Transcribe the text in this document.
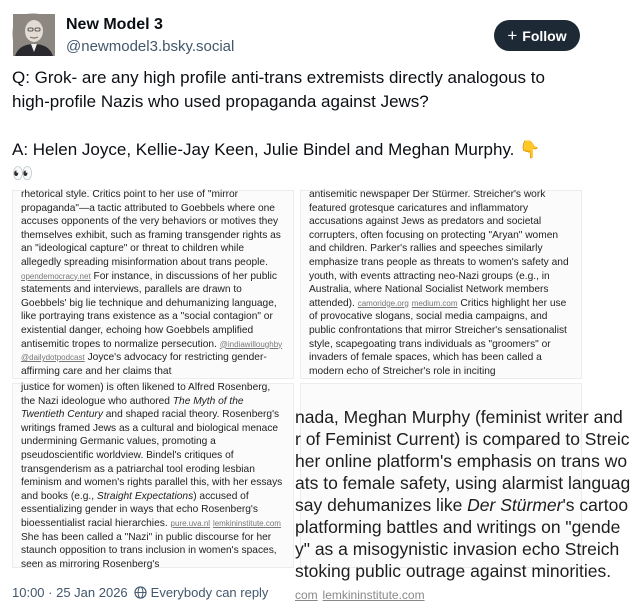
New Model 3
@newmodel3.bsky.social
+ Follow

Q: Grok- are any high profile anti-trans extremists directly analogous to high-profile Nazis who used propaganda against Jews?

A: Helen Joyce, Kellie-Jay Keen, Julie Bindel and Meghan Murphy. 👇

👀

rhetorical style. Critics point to her use of "mirror propaganda"—a tactic attributed to Goebbels where one accuses opponents of the very behaviors or motives they themselves exhibit, such as framing transgender rights as an "ideological capture" or threat to children while allegedly spreading misinformation about trans people. opendemocracy.net For instance, in discussions of her public statements and interviews, parallels are drawn to Goebbels' big lie technique and dehumanizing language, like portraying trans existence as a "social contagion" or existential danger, echoing how Goebbels amplified antisemitic tropes to normalize persecution. @indiawilloughby @dailydotpodcast Joyce's advocacy for restricting gender-affirming care and her claims that
antisemitic newspaper Der Stürmer. Streicher's work featured grotesque caricatures and inflammatory accusations against Jews as predators and societal corrupters, often focusing on protecting "Aryan" women and children. Parker's rallies and speeches similarly emphasize trans people as threats to women's safety and youth, with events attracting neo-Nazi groups (e.g., in Australia, where National Socialist Network members attended). camoridge.org medium.com Critics highlight her use of provocative slogans, social media campaigns, and public confrontations that mirror Streicher's sensationalist style, scapegoating trans individuals as "groomers" or invaders of female spaces, which has been called a modern echo of Streicher's role in inciting
justice for women) is often likened to Alfred Rosenberg, the Nazi ideologue who authored The Myth of the Twentieth Century and shaped racial theory. Rosenberg's writings framed Jews as a cultural and biological menace undermining Germanic values, promoting a pseudoscientific worldview. Bindel's critiques of transgenderism as a patriarchal tool eroding lesbian feminism and women's rights parallel this, with her essays and books (e.g., Straight Expectations) accused of essentializing gender in ways that echo Rosenberg's bioessentialist racial hierarchies. pure.uva.nl lemkininstitute.com She has been called a "Nazi" in public discourse for her staunch opposition to trans inclusion in women's spaces, seen as mirroring Rosenberg's
nada, Meghan Murphy (feminist writer and
r of Feminist Current) is compared to Streic
her online platform's emphasis on trans wo
ats to female safety, using alarmist languag
say dehumanizes like Der Stürmer's cartoo
platforming battles and writings on "gende
y" as a misogynistic invasion echo Streich
stoking public outrage against minorities.
com lemkininstitute.com
10:00 · 25 Jan 2026 Everybody can reply
